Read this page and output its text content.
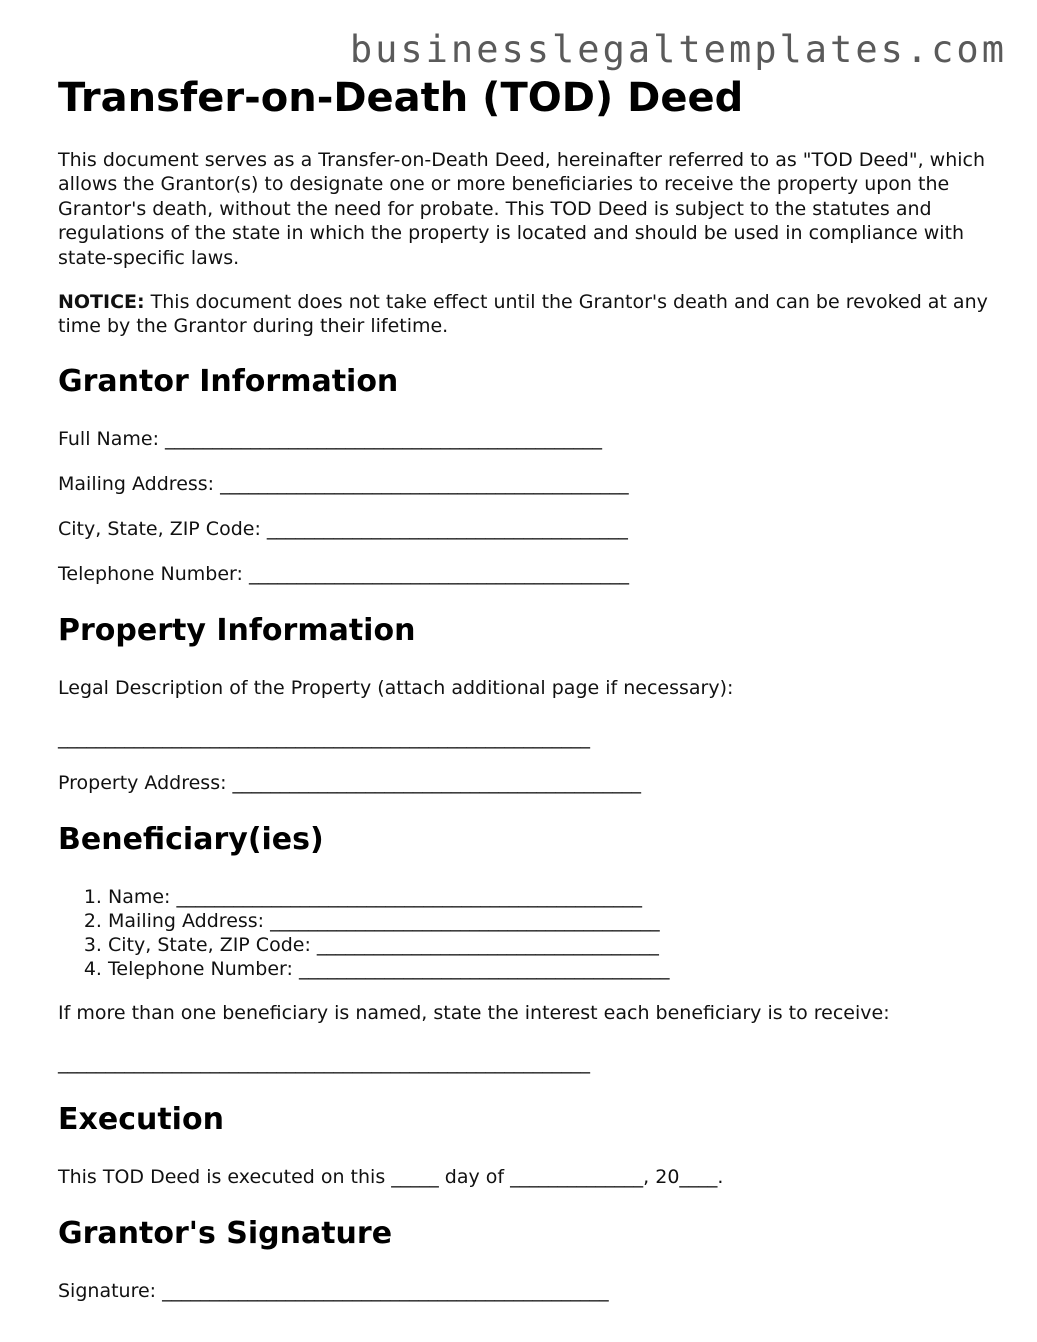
businesslegaltemplates.com
Transfer-on-Death (TOD) Deed

This document serves as a Transfer-on-Death Deed, hereinafter referred to as "TOD Deed", which allows the Grantor(s) to designate one or more beneficiaries to receive the property upon the Grantor's death, without the need for probate. This TOD Deed is subject to the statutes and regulations of the state in which the property is located and should be used in compliance with state-specific laws.

NOTICE: This document does not take effect until the Grantor's death and can be revoked at any time by the Grantor during their lifetime.

Grantor Information
Full Name: ______________________________________________
Mailing Address: ___________________________________________
City, State, ZIP Code: ______________________________________
Telephone Number: ________________________________________
Property Information
Legal Description of the Property (attach additional page if necessary):
________________________________________________________
Property Address: ___________________________________________
Beneficiary(ies)
1. Name: _________________________________________________
2. Mailing Address: _________________________________________
3. City, State, ZIP Code: ____________________________________
4. Telephone Number: _______________________________________
If more than one beneficiary is named, state the interest each beneficiary is to receive:
________________________________________________________
Execution
This TOD Deed is executed on this _____ day of ______________, 20____.
Grantor's Signature
Signature: _______________________________________________
